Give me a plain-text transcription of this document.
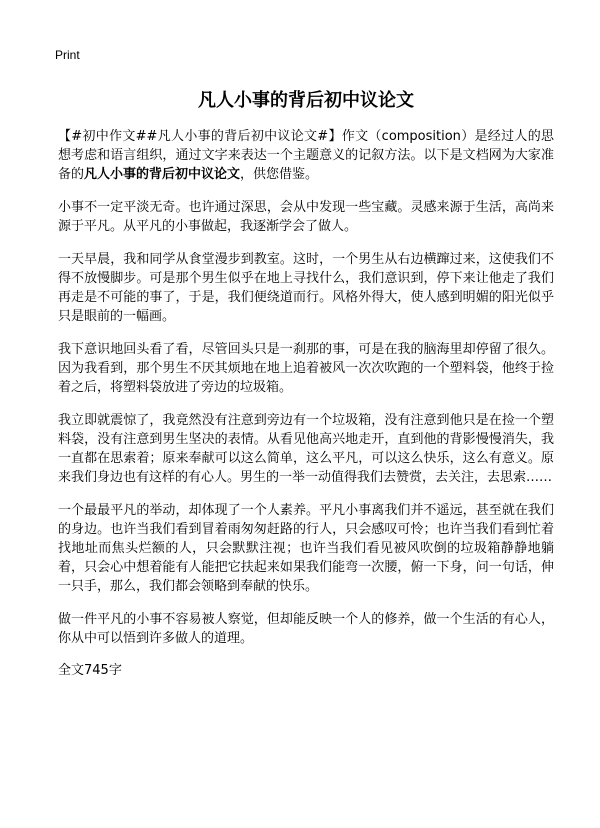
Print
凡人小事的背后初中议论文

【#初中作文##凡人小事的背后初中议论文#】作文（composition）是经过人的思想考虑和语言组织，通过文字来表达一个主题意义的记叙方法。以下是文档网为大家准备的凡人小事的背后初中议论文，供您借鉴。

小事不一定平淡无奇。也许通过深思，会从中发现一些宝藏。灵感来源于生活，高尚来源于平凡。从平凡的小事做起，我逐渐学会了做人。

一天早晨，我和同学从食堂漫步到教室。这时，一个男生从右边横蹿过来，这使我们不得不放慢脚步。可是那个男生似乎在地上寻找什么，我们意识到，停下来让他走了我们再走是不可能的事了，于是，我们便绕道而行。风格外得大，使人感到明媚的阳光似乎只是眼前的一幅画。

我下意识地回头看了看，尽管回头只是一刹那的事，可是在我的脑海里却停留了很久。因为我看到，那个男生不厌其烦地在地上追着被风一次次吹跑的一个塑料袋，他终于捡着之后，将塑料袋放进了旁边的垃圾箱。

我立即就震惊了，我竟然没有注意到旁边有一个垃圾箱，没有注意到他只是在捡一个塑料袋，没有注意到男生坚决的表情。从看见他高兴地走开，直到他的背影慢慢消失，我一直都在思索着；原来奉献可以这么简单，这么平凡，可以这么快乐，这么有意义。原来我们身边也有这样的有心人。男生的一举一动值得我们去赞赏，去关注，去思索……

一个最最平凡的举动，却体现了一个人素养。平凡小事离我们并不遥远，甚至就在我们的身边。也许当我们看到冒着雨匆匆赶路的行人，只会感叹可怜；也许当我们看到忙着找地址而焦头烂额的人，只会默默注视；也许当我们看见被风吹倒的垃圾箱静静地躺着，只会心中想着能有人能把它扶起来如果我们能弯一次腰，俯一下身，问一句话，伸一只手，那么，我们都会领略到奉献的快乐。

做一件平凡的小事不容易被人察觉，但却能反映一个人的修养，做一个生活的有心人，你从中可以悟到许多做人的道理。

全文745字
